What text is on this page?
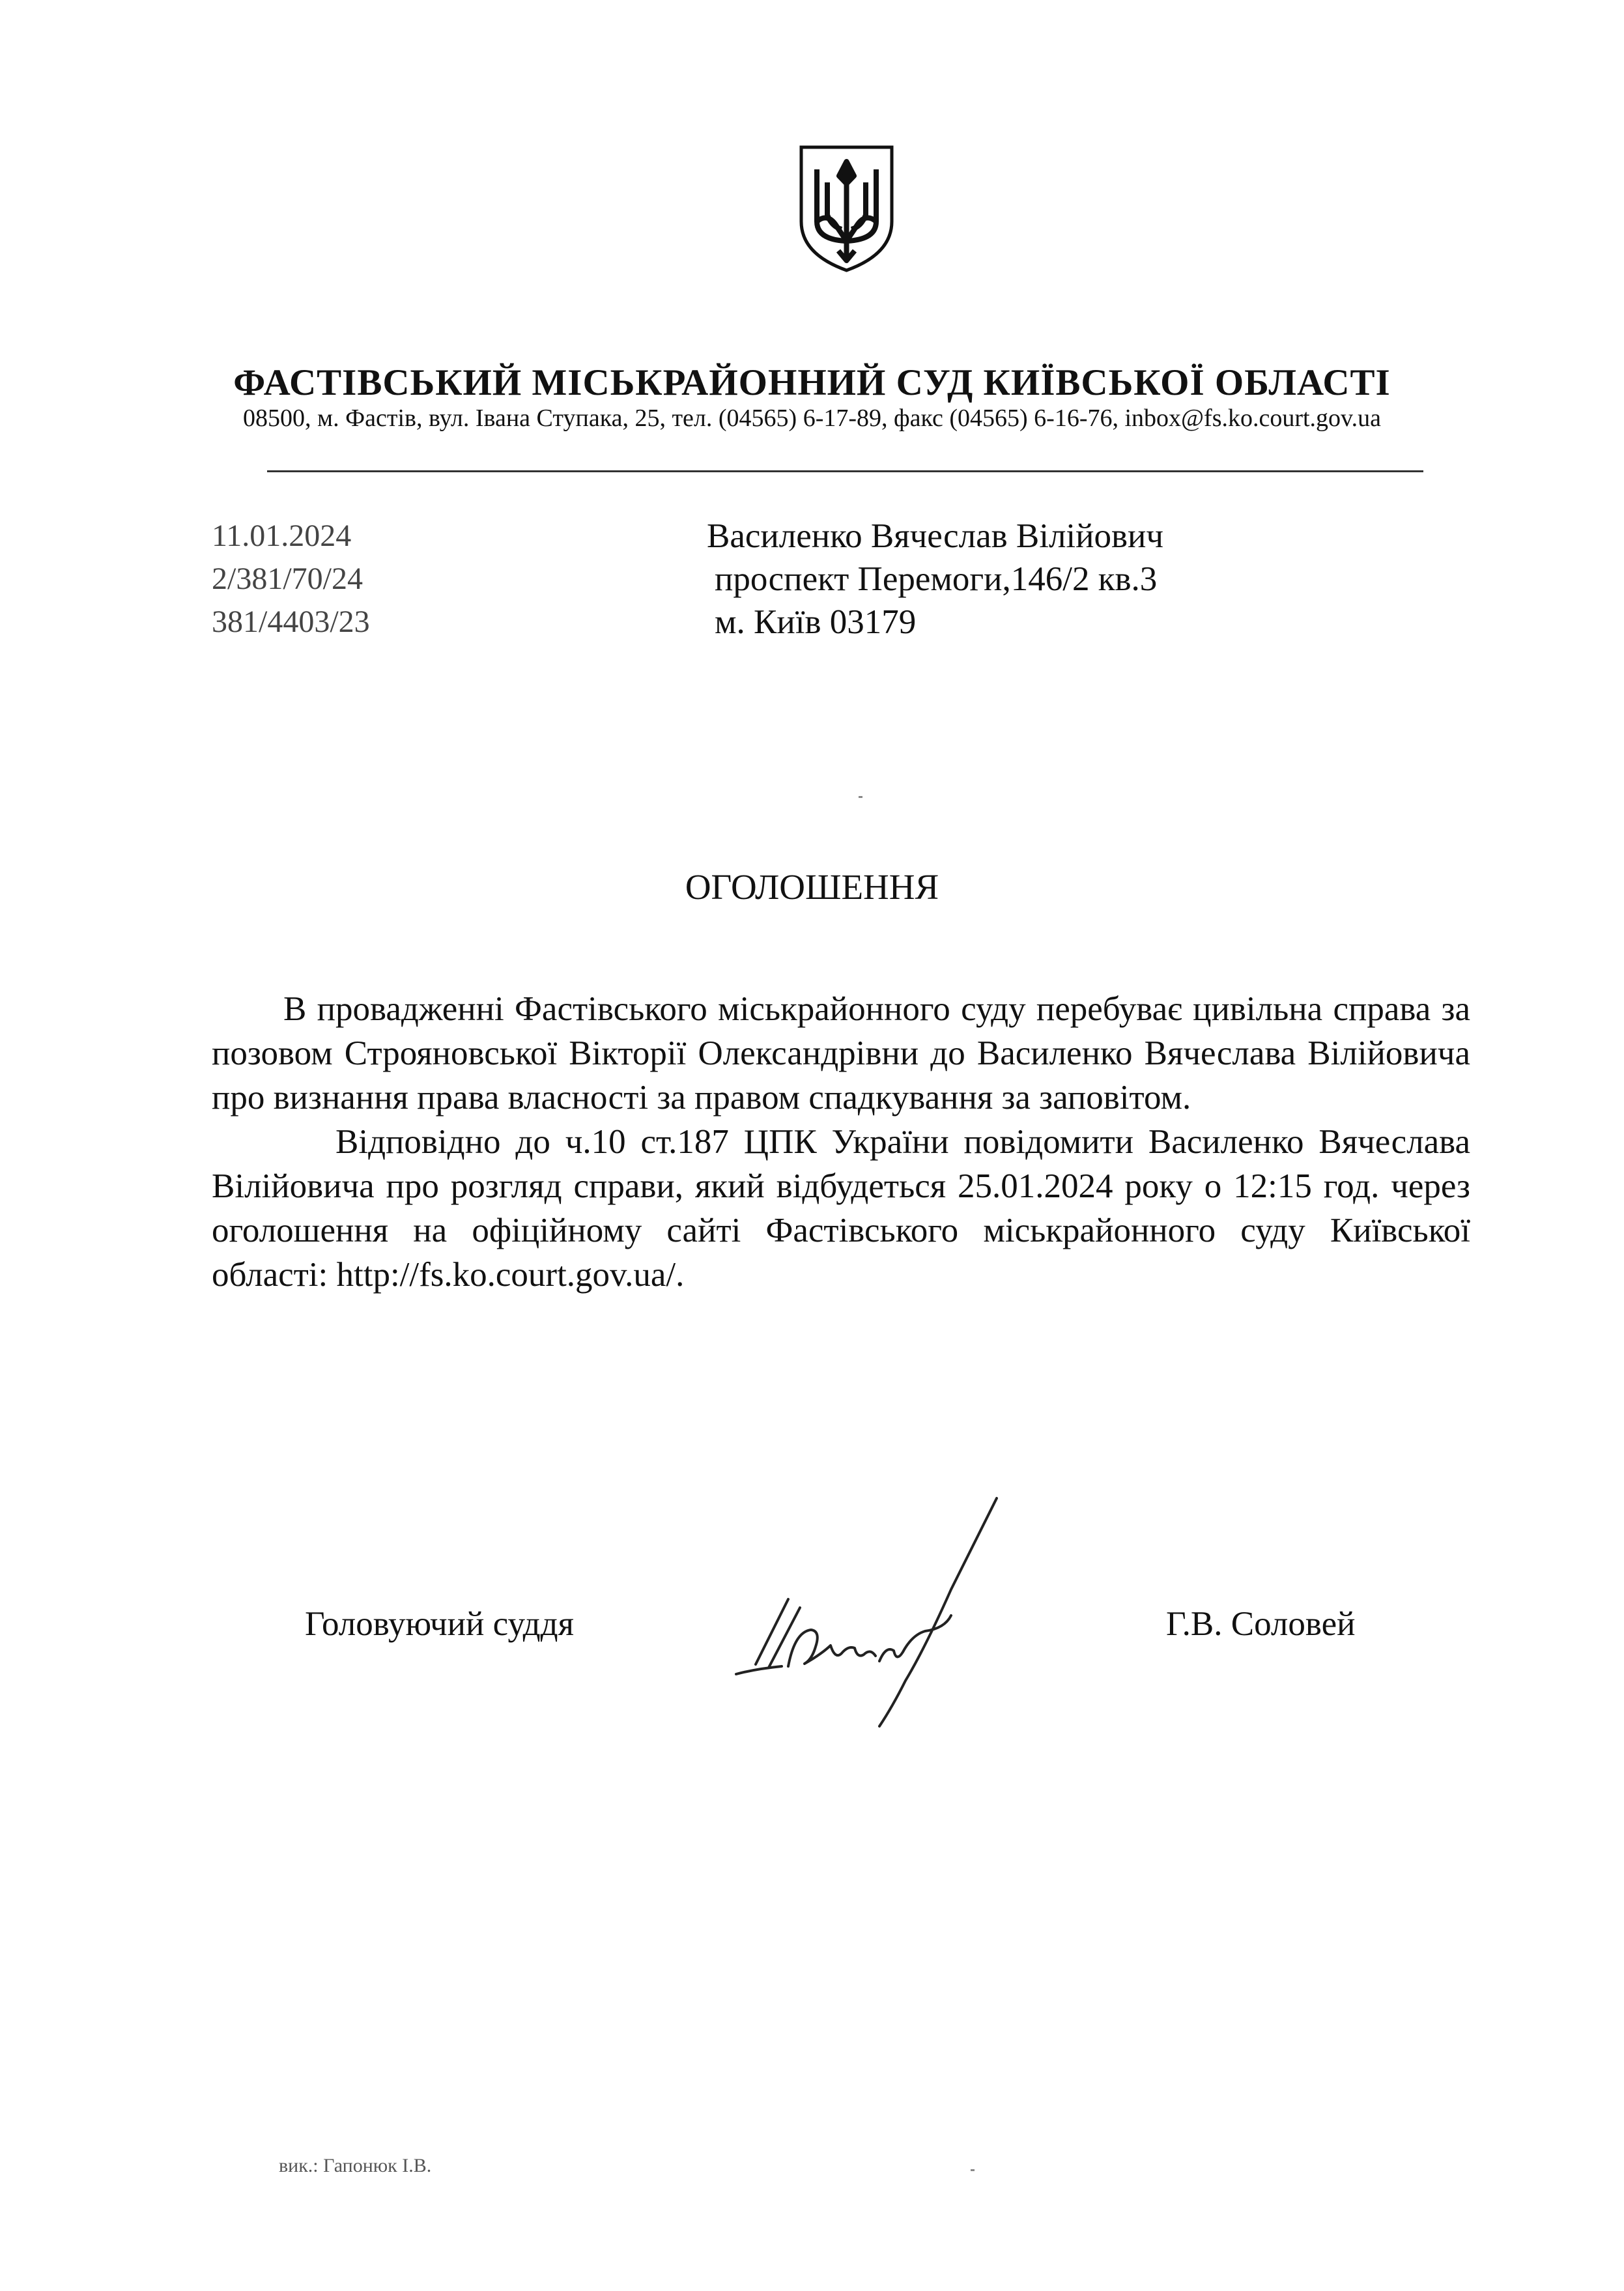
ФАСТІВСЬКИЙ МІСЬКРАЙОННИЙ СУД КИЇВСЬКОЇ ОБЛАСТІ
08500, м. Фастів, вул. Івана Ступака, 25, тел. (04565) 6-17-89, факс (04565) 6-16-76, inbox@fs.ko.court.gov.ua
11.01.2024
2/381/70/24
381/4403/23
Василенко Вячеслав Вілійович
проспект Перемоги,146/2 кв.3
м. Київ 03179
ОГОЛОШЕННЯ

В провадженні Фастівського міськрайонного суду перебуває цивільна справа за позовом Строяновської Вікторії Олександрівни до Василенко Вячеслава Вілійовича про визнання права власності за правом спадкування за заповітом.

Відповідно до ч.10 ст.187 ЦПК України повідомити Василенко Вячеслава Вілійовича про розгляд справи, який відбудеться 25.01.2024 року о 12:15 год. через оголошення на офіційному сайті Фастівського міськрайонного суду Київської області: http://fs.ko.court.gov.ua/.

Головуючий суддя	Г.В. Соловей
вик.: Гапонюк І.В.
